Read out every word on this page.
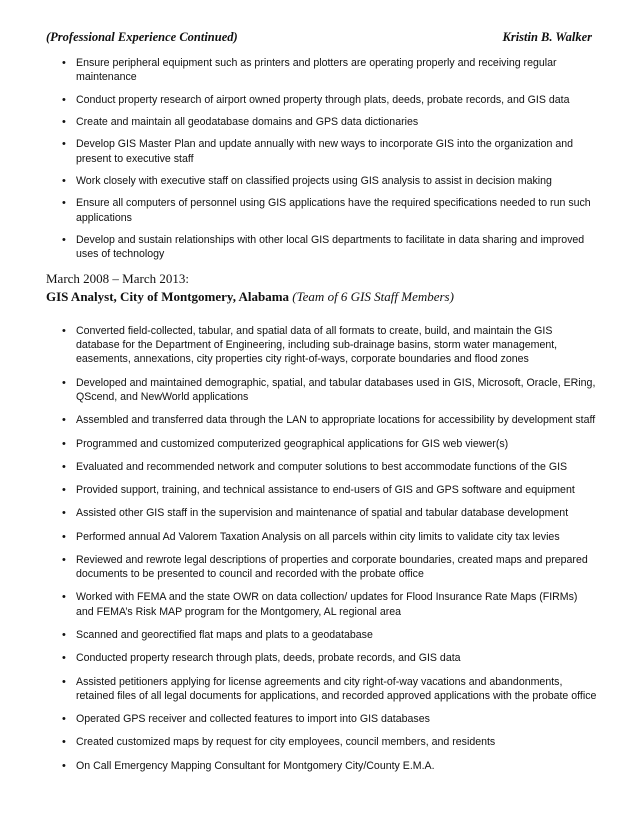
(Professional Experience Continued)	Kristin B. Walker
• Ensure peripheral equipment such as printers and plotters are operating properly and receiving regular maintenance
• Conduct property research of airport owned property through plats, deeds, probate records, and GIS data
• Create and maintain all geodatabase domains and GPS data dictionaries
• Develop GIS Master Plan and update annually with new ways to incorporate GIS into the organization and present to executive staff
• Work closely with executive staff on classified projects using GIS analysis to assist in decision making
• Ensure all computers of personnel using GIS applications have the required specifications needed to run such applications
• Develop and sustain relationships with other local GIS departments to facilitate in data sharing and improved uses of technology
March 2008 – March 2013:
GIS Analyst, City of Montgomery, Alabama (Team of 6 GIS Staff Members)
• Converted field-collected, tabular, and spatial data of all formats to create, build, and maintain the GIS database for the Department of Engineering, including sub-drainage basins, storm water management, easements, annexations, city properties city right-of-ways, corporate boundaries and flood zones
• Developed and maintained demographic, spatial, and tabular databases used in GIS, Microsoft, Oracle, ERing, QScend, and NewWorld applications
• Assembled and transferred data through the LAN to appropriate locations for accessibility by development staff
• Programmed and customized computerized geographical applications for GIS web viewer(s)
• Evaluated and recommended network and computer solutions to best accommodate functions of the GIS
• Provided support, training, and technical assistance to end-users of GIS and GPS software and equipment
• Assisted other GIS staff in the supervision and maintenance of spatial and tabular database development
• Performed annual Ad Valorem Taxation Analysis on all parcels within city limits to validate city tax levies
• Reviewed and rewrote legal descriptions of properties and corporate boundaries, created maps and prepared documents to be presented to council and recorded with the probate office
• Worked with FEMA and the state OWR on data collection/ updates for Flood Insurance Rate Maps (FIRMs) and FEMA’s Risk MAP program for the Montgomery, AL regional area
• Scanned and georectified flat maps and plats to a geodatabase
• Conducted property research through plats, deeds, probate records, and GIS data
• Assisted petitioners applying for license agreements and city right-of-way vacations and abandonments, retained files of all legal documents for applications, and recorded approved applications with the probate office
• Operated GPS receiver and collected features to import into GIS databases
• Created customized maps by request for city employees, council members, and residents
• On Call Emergency Mapping Consultant for Montgomery City/County E.M.A.
